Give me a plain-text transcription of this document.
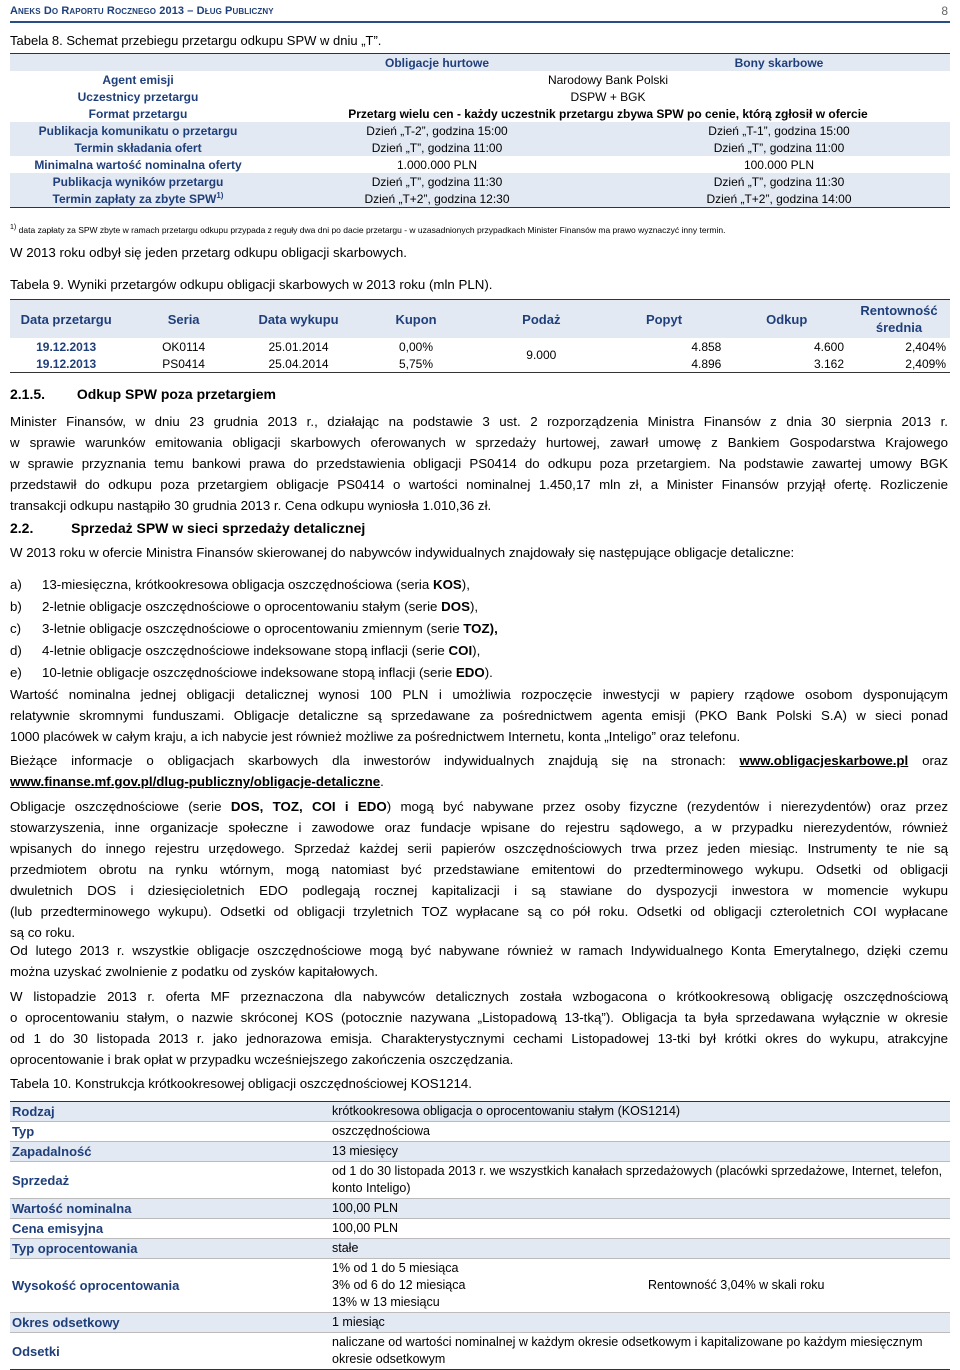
Aneks Do Raportu Rocznego 2013 – Dług Publiczny	8
Tabela 8. Schemat przebiegu przetargu odkupu SPW w dniu „T”.
	Obligacje hurtowe	Bony skarbowe
Agent emisji	Narodowy Bank Polski	
Uczestnicy przetargu	DSPW + BGK	
Format przetargu	Przetarg wielu cen - każdy uczestnik przetargu zbywa SPW po cenie, którą zgłosił w ofercie	
Publikacja komunikatu o przetargu	Dzień „T-2”, godzina 15:00	Dzień „T-1”, godzina 15:00
Termin składania ofert	Dzień „T”, godzina 11:00	Dzień „T”, godzina 11:00
Minimalna wartość nominalna oferty	1.000.000 PLN	100.000 PLN
Publikacja wyników przetargu	Dzień „T”, godzina 11:30	Dzień „T”, godzina 11:30
Termin zapłaty za zbyte SPW$^{1)}$	Dzień „T+2”, godzina 12:30	Dzień „T+2”, godzina 14:00
$^{1)}$ data zapłaty za SPW zbyte w ramach przetargu odkupu przypada z reguły dwa dni po dacie przetargu - w uzasadnionych przypadkach Minister Finansów ma prawo wyznaczyć inny termin.
W 2013 roku odbył się jeden przetarg odkupu obligacji skarbowych.
Tabela 9. Wyniki przetargów odkupu obligacji skarbowych w 2013 roku (mln PLN).
Data przetargu	Seria	Data wykupu	Kupon	Podaż	Popyt	Odkup	Rentowność średnia
19.12.2013	OK0114	25.01.2014	0,00%	9.000	4.858	4.600	2,404%
19.12.2013	PS0414	25.04.2014	5,75%		4.896	3.162	2,409%
2.1.5. Odkup SPW poza przetargiem
Minister Finansów, w dniu 23 grudnia 2013 r., działając na podstawie 3 ust. 2 rozporządzenia Ministra Finansów z dnia 30 sierpnia 2013 r.
w sprawie warunków emitowania obligacji skarbowych oferowanych w sprzedaży hurtowej, zawarł umowę z Bankiem Gospodarstwa Krajowego
w sprawie przyznania temu bankowi prawa do przedstawienia obligacji PS0414 do odkupu poza przetargiem. Na podstawie zawartej umowy BGK
przedstawił do odkupu poza przetargiem obligacje PS0414 o wartości nominalnej 1.450,17 mln zł, a Minister Finansów przyjął ofertę. Rozliczenie
transakcji odkupu nastąpiło 30 grudnia 2013 r. Cena odkupu wyniosła 1.010,36 zł.
2.2.	Sprzedaż SPW w sieci sprzedaży detalicznej
W 2013 roku w ofercie Ministra Finansów skierowanej do nabywców indywidualnych znajdowały się następujące obligacje detaliczne:
a) 13-miesięczna, krótkookresowa obligacja oszczędnościowa (seria KOS),
b) 2-letnie obligacje oszczędnościowe o oprocentowaniu stałym (serie DOS),
c) 3-letnie obligacje oszczędnościowe o oprocentowaniu zmiennym (serie TOZ),
d) 4-letnie obligacje oszczędnościowe indeksowane stopą inflacji (serie COI),
e) 10-letnie obligacje oszczędnościowe indeksowane stopą inflacji (serie EDO).
Wartość nominalna jednej obligacji detalicznej wynosi 100 PLN i umożliwia rozpoczęcie inwestycji w papiery rządowe osobom dysponującym
relatywnie skromnymi funduszami. Obligacje detaliczne są sprzedawane za pośrednictwem agenta emisji (PKO Bank Polski S.A) w sieci ponad
1000 placówek w całym kraju, a ich nabycie jest również możliwe za pośrednictwem Internetu, konta „Inteligo” oraz telefonu.
Bieżące informacje o obligacjach skarbowych dla inwestorów indywidualnych znajdują się na stronach: www.obligacjeskarbowe.pl oraz
www.finanse.mf.gov.pl/dlug-publiczny/obligacje-detaliczne.
Obligacje oszczędnościowe (serie DOS, TOZ, COI i EDO) mogą być nabywane przez osoby fizyczne (rezydentów i nierezydentów) oraz przez
stowarzyszenia, inne organizacje społeczne i zawodowe oraz fundacje wpisane do rejestru sądowego, a w przypadku nierezydentów, również
wpisanych do innego rejestru urzędowego. Sprzedaż każdej serii papierów oszczędnościowych trwa przez jeden miesiąc. Instrumenty te nie są
przedmiotem obrotu na rynku wtórnym, mogą natomiast być przedstawiane emitentowi do przedterminowego wykupu. Odsetki od obligacji
dwuletnich DOS i dziesięcioletnich EDO podlegają rocznej kapitalizacji i są stawiane do dyspozycji inwestora w momencie wykupu
(lub przedterminowego wykupu). Odsetki od obligacji trzyletnich TOZ wypłacane są co pół roku. Odsetki od obligacji czteroletnich COI wypłacane
są co roku.
Od lutego 2013 r. wszystkie obligacje oszczędnościowe mogą być nabywane również w ramach Indywidualnego Konta Emerytalnego, dzięki czemu
można uzyskać zwolnienie z podatku od zysków kapitałowych.
W listopadzie 2013 r. oferta MF przeznaczona dla nabywców detalicznych została wzbogacona o krótkookresową obligację oszczędnościową
o oprocentowaniu stałym, o nazwie skróconej KOS (potocznie nazywana „Listopadową 13-tką”). Obligacja ta była sprzedawana wyłącznie w okresie
od 1 do 30 listopada 2013 r. jako jednorazowa emisja. Charakterystycznymi cechami Listopadowej 13-tki był krótki okres do wykupu, atrakcyjne
oprocentowanie i brak opłat w przypadku wcześniejszego zakończenia oszczędzania.
Tabela 10. Konstrukcja krótkookresowej obligacji oszczędnościowej KOS1214.
Rodzaj	krótkookresowa obligacja o oprocentowaniu stałym (KOS1214)	
Typ	oszczędnościowa	
Zapadalność	13 miesięcy	
Sprzedaż	od 1 do 30 listopada 2013 r. we wszystkich kanałach sprzedażowych (placówki sprzedażowe, Internet, telefon, konto Inteligo)	
Wartość nominalna	100,00 PLN	
Cena emisyjna	100,00 PLN	
Typ oprocentowania	stałe	
Wysokość oprocentowania	1% od 1 do 5 miesiąca
3% od 6 do 12 miesiąca
13% w 13 miesiącu	Rentowność 3,04% w skali roku
Okres odsetkowy	1 miesiąc	
Odsetki	naliczane od wartości nominalnej w każdym okresie odsetkowym i kapitalizowane po każdym miesięcznym okresie odsetkowym	
